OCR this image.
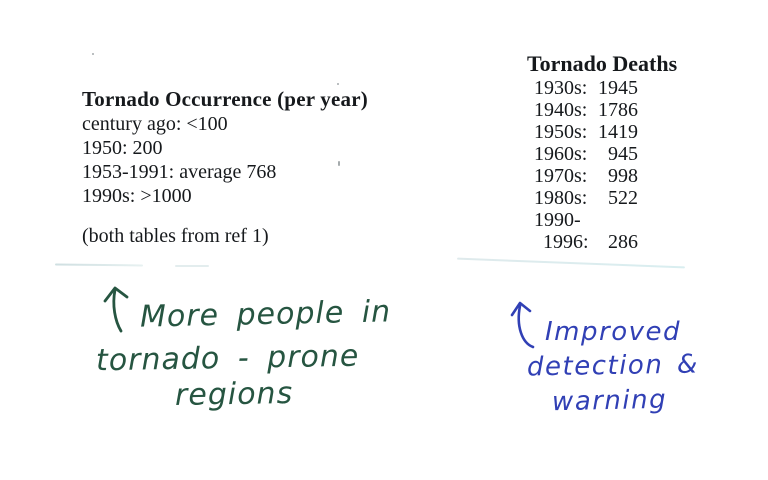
Tornado Occurrence (per year)

century ago: <100

1950: 200

1953-1991: average 768

1990s: >1000

(both tables from ref 1)

Tornado Deaths
1930s: 1945
1940s: 1786
1950s: 1419
1960s: 945
1970s: 998
1980s: 522
1990-
1996: 286
More people in
tornado - prone
regions
Improved
detection &
warning
